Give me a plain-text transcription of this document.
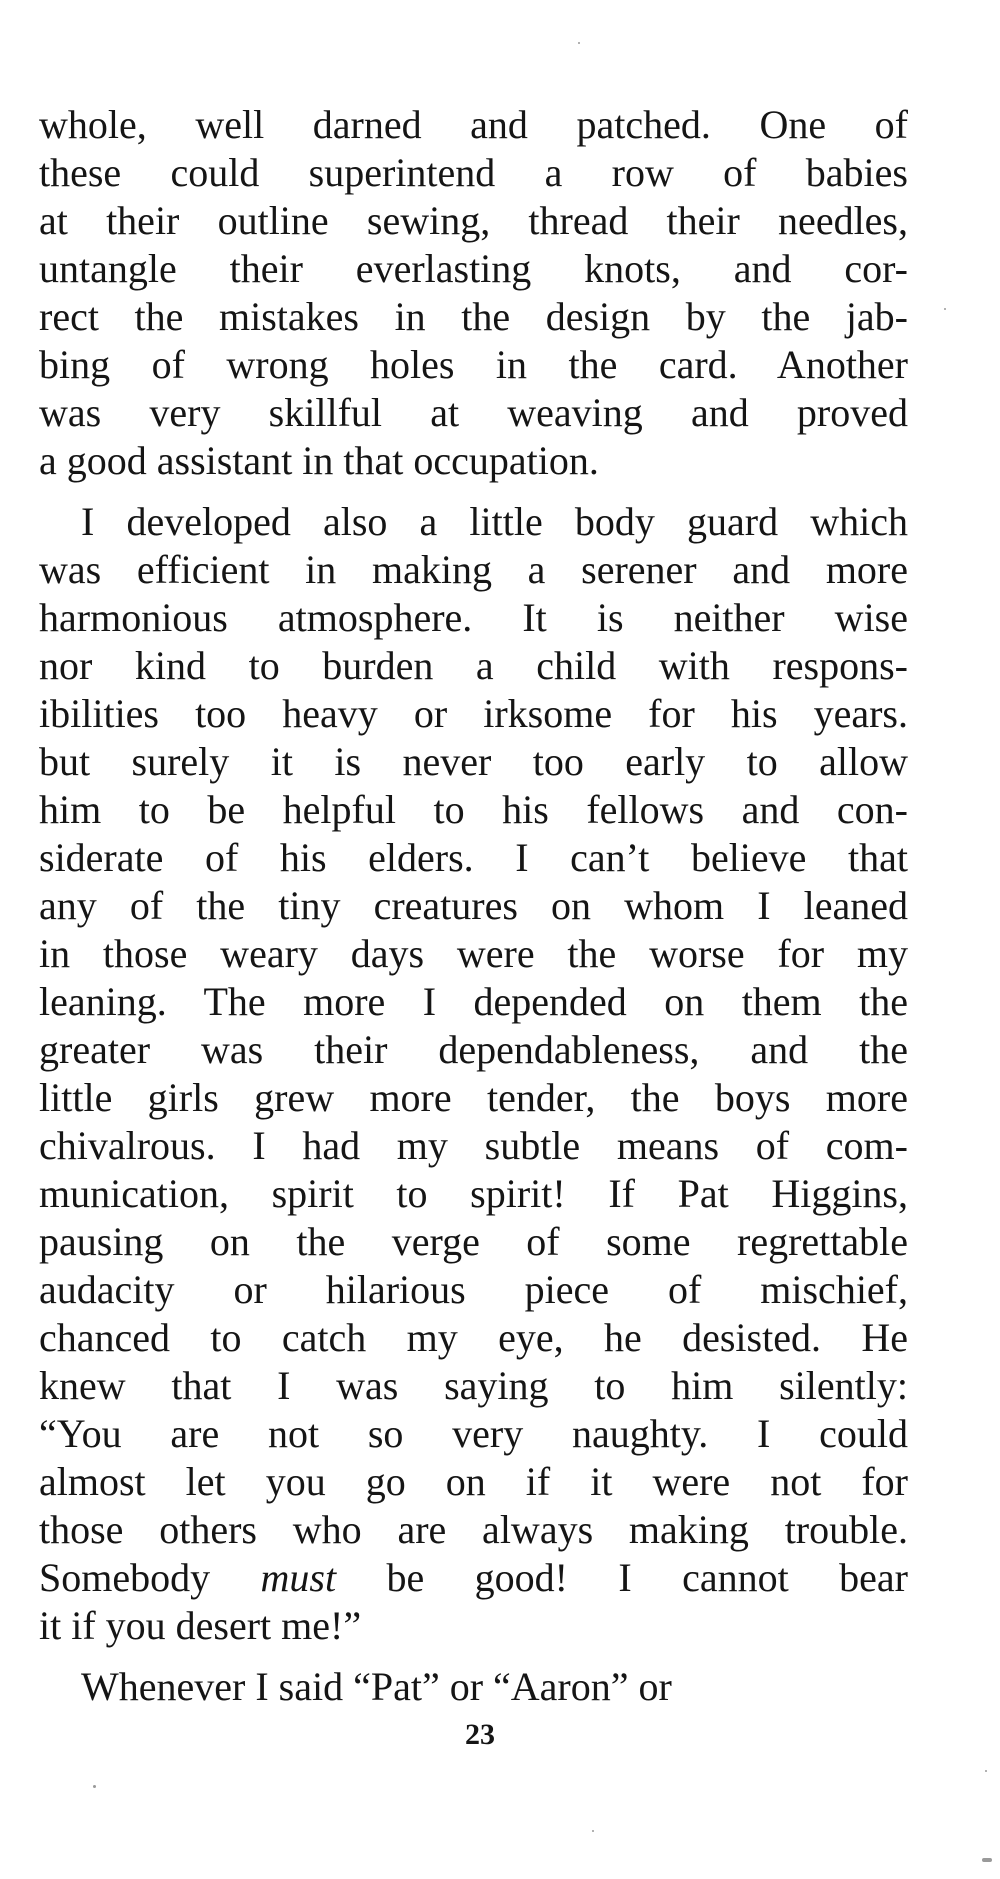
whole, well darned and patched. One of
these could superintend a row of babies
at their outline sewing, thread their needles,
untangle their everlasting knots, and cor-
rect the mistakes in the design by the jab-
bing of wrong holes in the card. Another
was very skillful at weaving and proved
a good assistant in that occupation.

I developed also a little body guard which
was efficient in making a serener and more
harmonious atmosphere. It is neither wise
nor kind to burden a child with respons-
ibilities too heavy or irksome for his years.
but surely it is never too early to allow
him to be helpful to his fellows and con-
siderate of his elders. I can’t believe that
any of the tiny creatures on whom I leaned
in those weary days were the worse for my
leaning. The more I depended on them the
greater was their dependableness, and the
little girls grew more tender, the boys more
chivalrous. I had my subtle means of com-
munication, spirit to spirit! If Pat Higgins,
pausing on the verge of some regrettable
audacity or hilarious piece of mischief,
chanced to catch my eye, he desisted. He
knew that I was saying to him silently:
“You are not so very naughty. I could
almost let you go on if it were not for
those others who are always making trouble.
Somebody must be good! I cannot bear
it if you desert me!”

Whenever I said “Pat” or “Aaron” or

23
